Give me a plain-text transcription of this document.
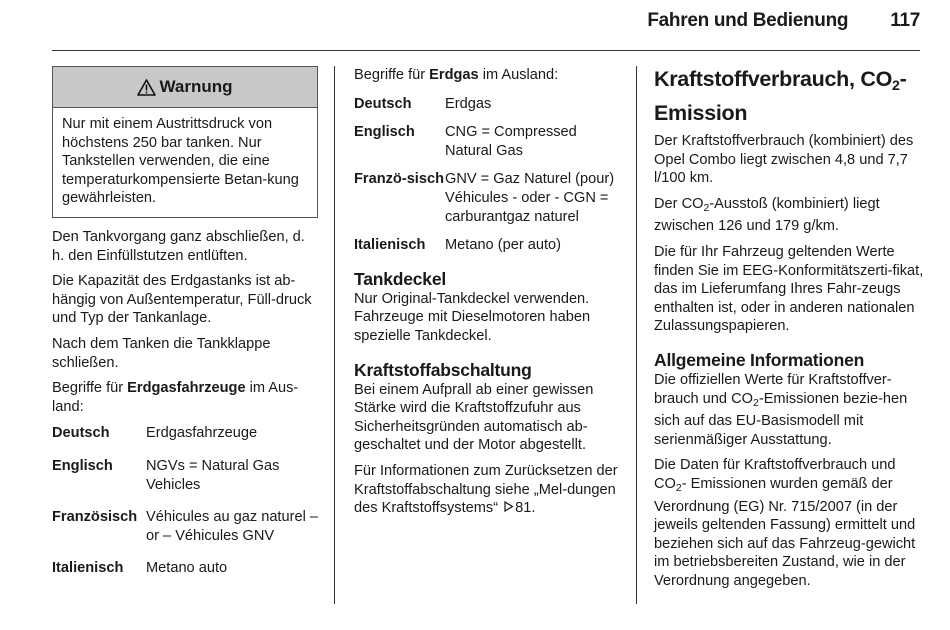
Fahren und Bedienung 117
Warnung
Nur mit einem Austrittsdruck von höchstens 250 bar tanken. Nur Tankstellen verwenden, die eine temperaturkompensierte Betan-kung gewährleisten.

Den Tankvorgang ganz abschließen, d. h. den Einfüllstutzen entlüften.

Die Kapazität des Erdgastanks ist ab-hängig von Außentemperatur, Füll-druck und Typ der Tankanlage.

Nach dem Tanken die Tankklappe schließen.

Begriffe für Erdgasfahrzeuge im Aus-land:

Deutsch	Erdgasfahrzeuge
Englisch	NGVs = Natural Gas Vehicles
Französisch Véhicules au gaz naturel – or – Véhicules GNV
Italienisch	Metano auto

Begriffe für Erdgas im Ausland:

Deutsch	Erdgas
Englisch	CNG = Compressed Natural Gas
Franzö-sisch GNV = Gaz Naturel (pour) Véhicules - oder - CGN = carburantgaz naturel
Italienisch	Metano (per auto)
Tankdeckel

Nur Original-Tankdeckel verwenden. Fahrzeuge mit Dieselmotoren haben spezielle Tankdeckel.

Kraftstoffabschaltung

Bei einem Aufprall ab einer gewissen Stärke wird die Kraftstoffzufuhr aus Sicherheitsgründen automatisch ab-geschaltet und der Motor abgestellt.

Für Informationen zum Zurücksetzen der Kraftstoffabschaltung siehe „Mel-dungen des Kraftstoffsystems“ 81.

Kraftstoffverbrauch, $CO_2$-Emission

Der Kraftstoffverbrauch (kombiniert) des Opel Combo liegt zwischen 4,8 und 7,7 l/100 km.

Der $CO_2$-Ausstoß (kombiniert) liegt zwischen 126 und 179 g/km.

Die für Ihr Fahrzeug geltenden Werte finden Sie im EEG-Konformitätszerti-fikat, das im Lieferumfang Ihres Fahr-zeugs enthalten ist, oder in anderen nationalen Zulassungspapieren.

Allgemeine Informationen

Die offiziellen Werte für Kraftstoffver-brauch und $CO_2$-Emissionen bezie-hen sich auf das EU-Basismodell mit serienmäßiger Ausstattung.

Die Daten für Kraftstoffverbrauch und $CO_2-$ Emissionen wurden gemäß der Verordnung (EG) Nr. 715/2007 (in der jeweils geltenden Fassung) ermittelt und beziehen sich auf das Fahrzeug-gewicht im betriebsbereiten Zustand, wie in der Verordnung angegeben.
